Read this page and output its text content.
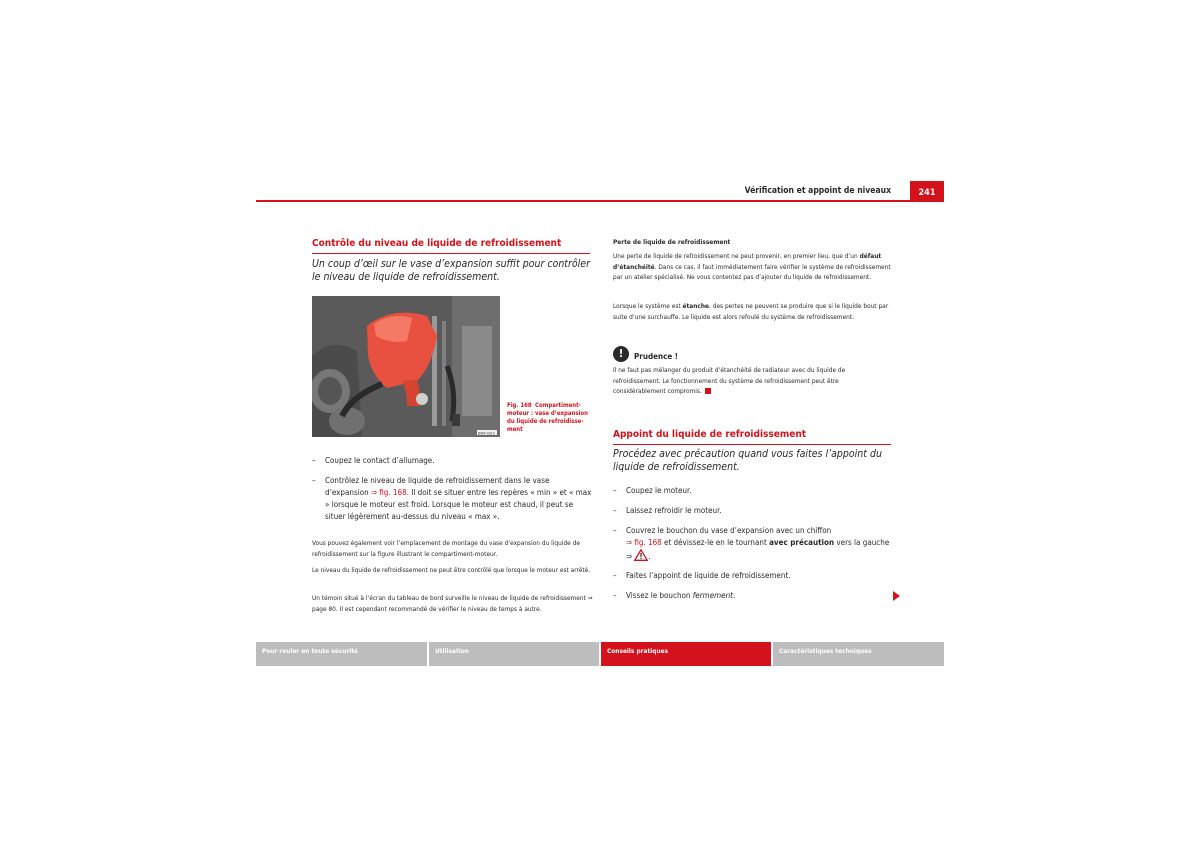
Vérification et appoint de niveaux	241
Contrôle du niveau de liquide de refroidissement
Un coup d’œil sur le vase d’expansion suffit pour contrôler le niveau de liquide de refroidissement.
B5M-0313
Fig. 168 Compartiment-moteur : vase d’expansion du liquide de refroidisse-ment
–	Coupez le contact d’allumage.
–	Contrôlez le niveau de liquide de refroidissement dans le vase d’expansion ⇒ fig. 168. Il doit se situer entre les repères « min » et « max » lorsque le moteur est froid. Lorsque le moteur est chaud, il peut se situer légèrement au-dessus du niveau « max ».
Vous pouvez également voir l’emplacement de montage du vase d’expansion du liquide de refroidissement sur la figure illustrant le compartiment-moteur.
Le niveau du liquide de refroidissement ne peut être contrôlé que lorsque le moteur est arrêté.
Un témoin situé à l’écran du tableau de bord surveille le niveau de liquide de refroidissement ⇒ page 80. Il est cependant recommandé de vérifier le niveau de temps à autre.
Perte de liquide de refroidissement
Une perte de liquide de refroidissement ne peut provenir, en premier lieu, que d’un défaut d’étanchéité. Dans ce cas, il faut immédiatement faire vérifier le système de refroidissement par un atelier spécialisé. Ne vous contentez pas d’ajouter du liquide de refroidissement.
Lorsque le système est étanche, des pertes ne peuvent se produire que si le liquide bout par suite d’une surchauffe. Le liquide est alors refoulé du système de refroidissement.
!	Prudence !
Il ne faut pas mélanger du produit d’étanchéité de radiateur avec du liquide de refroidissement. Le fonctionnement du système de refroidissement peut être considérablement compromis.
Appoint du liquide de refroidissement
Procédez avec précaution quand vous faites l’appoint du liquide de refroidissement.
–	Coupez le moteur.
–	Laissez refroidir le moteur.
–	Couvrez le bouchon du vase d’expansion avec un chiffon
⇒ fig. 168 et dévissez-le en le tournant avec précaution vers la gauche ⇒ .
–	Faites l’appoint de liquide de refroidissement.
–	Vissez le bouchon fermement.
Pour rouler en toute sécurité	Utilisation	Conseils pratiques	Caractéristiques techniques
